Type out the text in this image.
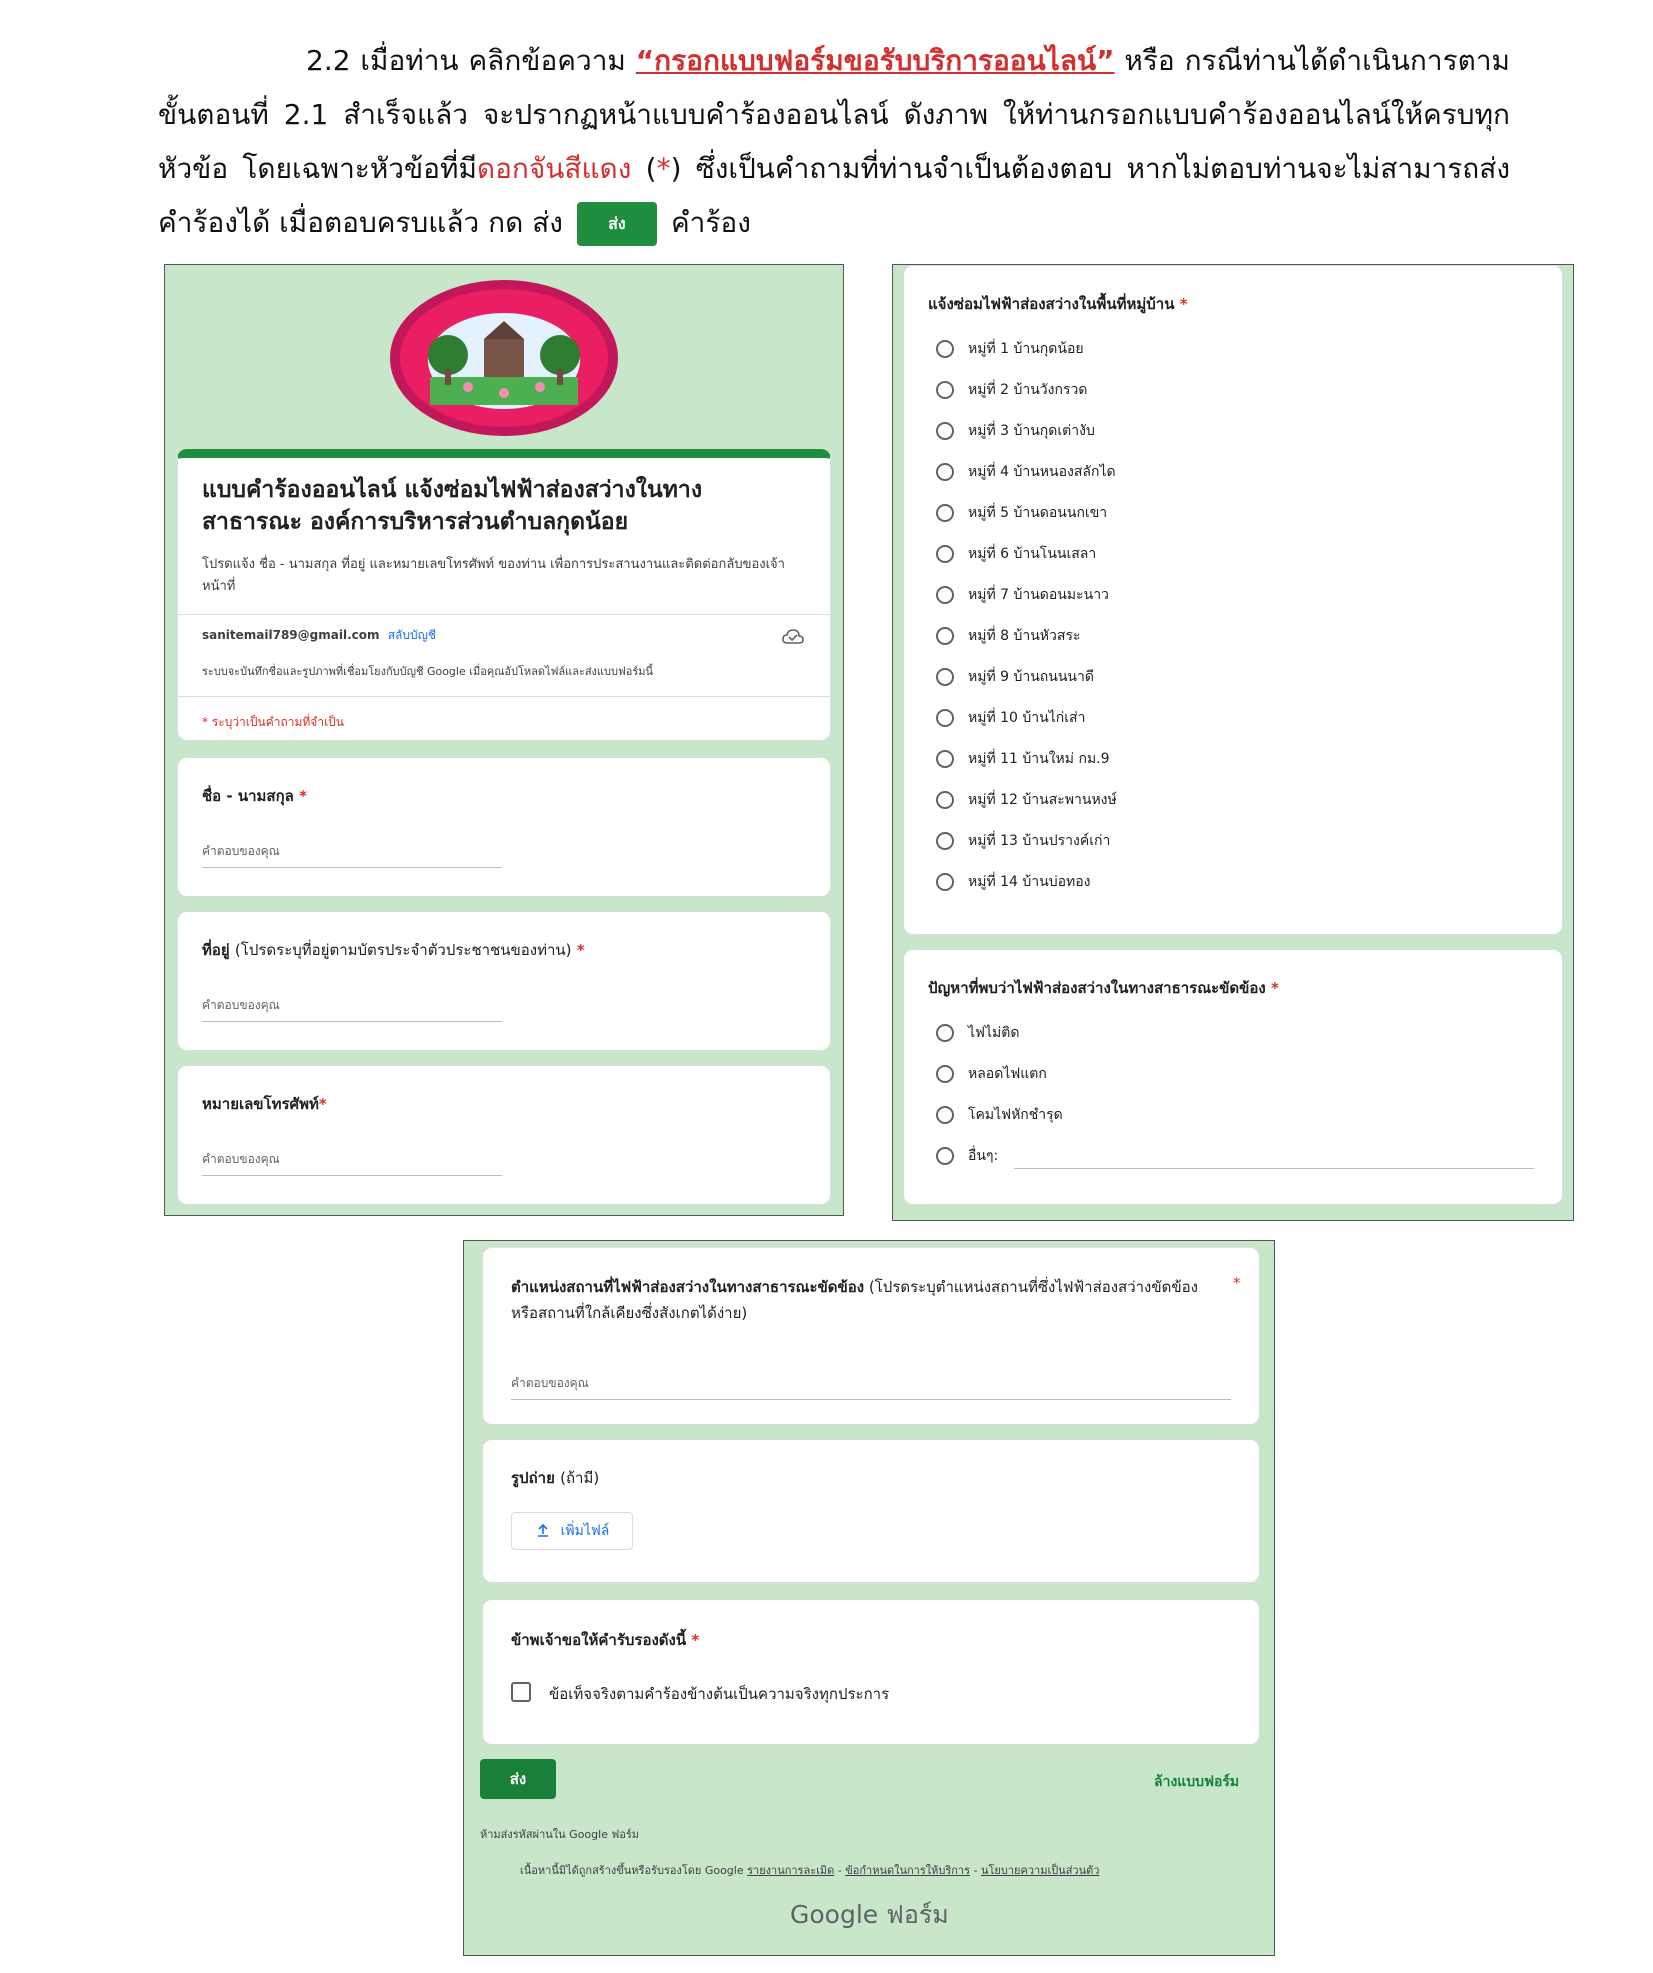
2.2 เมื่อท่าน คลิกข้อความ “กรอกแบบฟอร์มขอรับบริการออนไลน์” หรือ กรณีท่านได้ดำเนินการตามขั้นตอนที่ 2.1 สำเร็จแล้ว จะปรากฏหน้าแบบคำร้องออนไลน์ ดังภาพ ให้ท่านกรอกแบบคำร้องออนไลน์ให้ครบทุกหัวข้อ โดยเฉพาะหัวข้อที่มีดอกจันสีแดง (*) ซึ่งเป็นคำถามที่ท่านจำเป็นต้องตอบ หากไม่ตอบท่านจะไม่สามารถส่งคำร้องได้ เมื่อตอบครบแล้ว กด ส่ง	ส่ง คำร้อง
แบบคำร้องออนไลน์ แจ้งซ่อมไฟฟ้าส่องสว่างในทางสาธารณะ องค์การบริหารส่วนตำบลกุดน้อย
โปรดแจ้ง ชื่อ - นามสกุล ที่อยู่ และหมายเลขโทรศัพท์ ของท่าน เพื่อการประสานงานและติดต่อกลับของเจ้าหน้าที่
sanitemail789@gmail.com สลับบัญชี
ระบบจะบันทึกชื่อและรูปภาพที่เชื่อมโยงกับบัญชี Google เมื่อคุณอัปโหลดไฟล์และส่งแบบฟอร์มนี้
* ระบุว่าเป็นคำถามที่จำเป็น
ชื่อ - นามสกุล *
คำตอบของคุณ
ที่อยู่ (โปรดระบุที่อยู่ตามบัตรประจำตัวประชาชนของท่าน) *
คำตอบของคุณ
หมายเลขโทรศัพท์*
คำตอบของคุณ
แจ้งซ่อมไฟฟ้าส่องสว่างในพื้นที่หมู่บ้าน *
หมู่ที่ 1 บ้านกุดน้อย
หมู่ที่ 2 บ้านวังกรวด
หมู่ที่ 3 บ้านกุดเต่างับ
หมู่ที่ 4 บ้านหนองสลักได
หมู่ที่ 5 บ้านดอนนกเขา
หมู่ที่ 6 บ้านโนนเสลา
หมู่ที่ 7 บ้านดอนมะนาว
หมู่ที่ 8 บ้านหัวสระ
หมู่ที่ 9 บ้านถนนนาดี
หมู่ที่ 10 บ้านไก่เส่า
หมู่ที่ 11 บ้านใหม่ กม.9
หมู่ที่ 12 บ้านสะพานหงษ์
หมู่ที่ 13 บ้านปรางค์เก่า
หมู่ที่ 14 บ้านบ่อทอง
ปัญหาที่พบว่าไฟฟ้าส่องสว่างในทางสาธารณะขัดข้อง *
ไฟไม่ติด
หลอดไฟแตก
โคมไฟหักชำรุด
อื่นๆ:
ตำแหน่งสถานที่ไฟฟ้าส่องสว่างในทางสาธารณะขัดข้อง (โปรดระบุตำแหน่งสถานที่ซึ่งไฟฟ้าส่องสว่างขัดข้องหรือสถานที่ใกล้เคียงซึ่งสังเกตได้ง่าย)
*
คำตอบของคุณ
รูปถ่าย (ถ้ามี)
เพิ่มไฟล์
ข้าพเจ้าขอให้คำรับรองดังนี้ *
ข้อเท็จจริงตามคำร้องข้างต้นเป็นความจริงทุกประการ
ส่ง	ล้างแบบฟอร์ม
ห้ามส่งรหัสผ่านใน Google ฟอร์ม
เนื้อหานี้มิได้ถูกสร้างขึ้นหรือรับรองโดย Google รายงานการละเมิด - ข้อกำหนดในการให้บริการ - นโยบายความเป็นส่วนตัว
Google ฟอร์ม
